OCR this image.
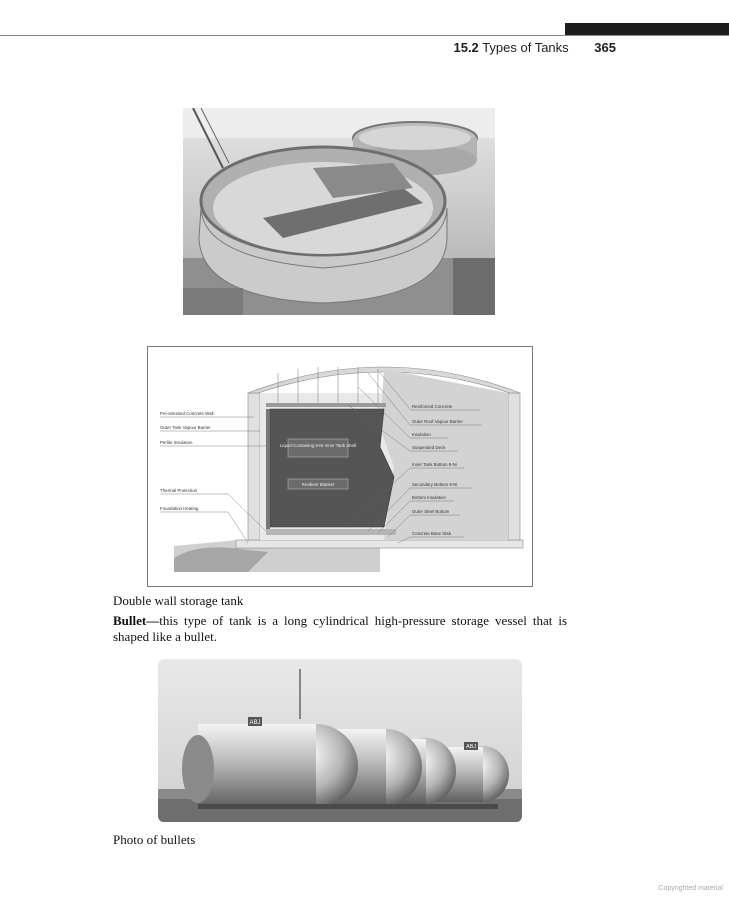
15.2 Types of Tanks 365
Liquid-Containing 9-Ni Inner Tank Shell
Resilient Blanket
Pre-stressed Concrete Wall
Outer Tank Vapour Barrier
Perlite Insulation
Thermal Protection
Foundation Heating
Reinforced Concrete
Outer Roof Vapour Barrier
Insulation
Suspended Deck
Inner Tank Bottom 9-Ni
Secondary Bottom 9-Ni
Bottom Insulation
Outer Steel Bottom
Concrete Base Slab
Double wall storage tank
Bullet—this type of tank is a long cylindrical high-pressure storage vessel that is shaped like a bullet.
ABJ
ABJ
Photo of bullets
Copyrighted material
